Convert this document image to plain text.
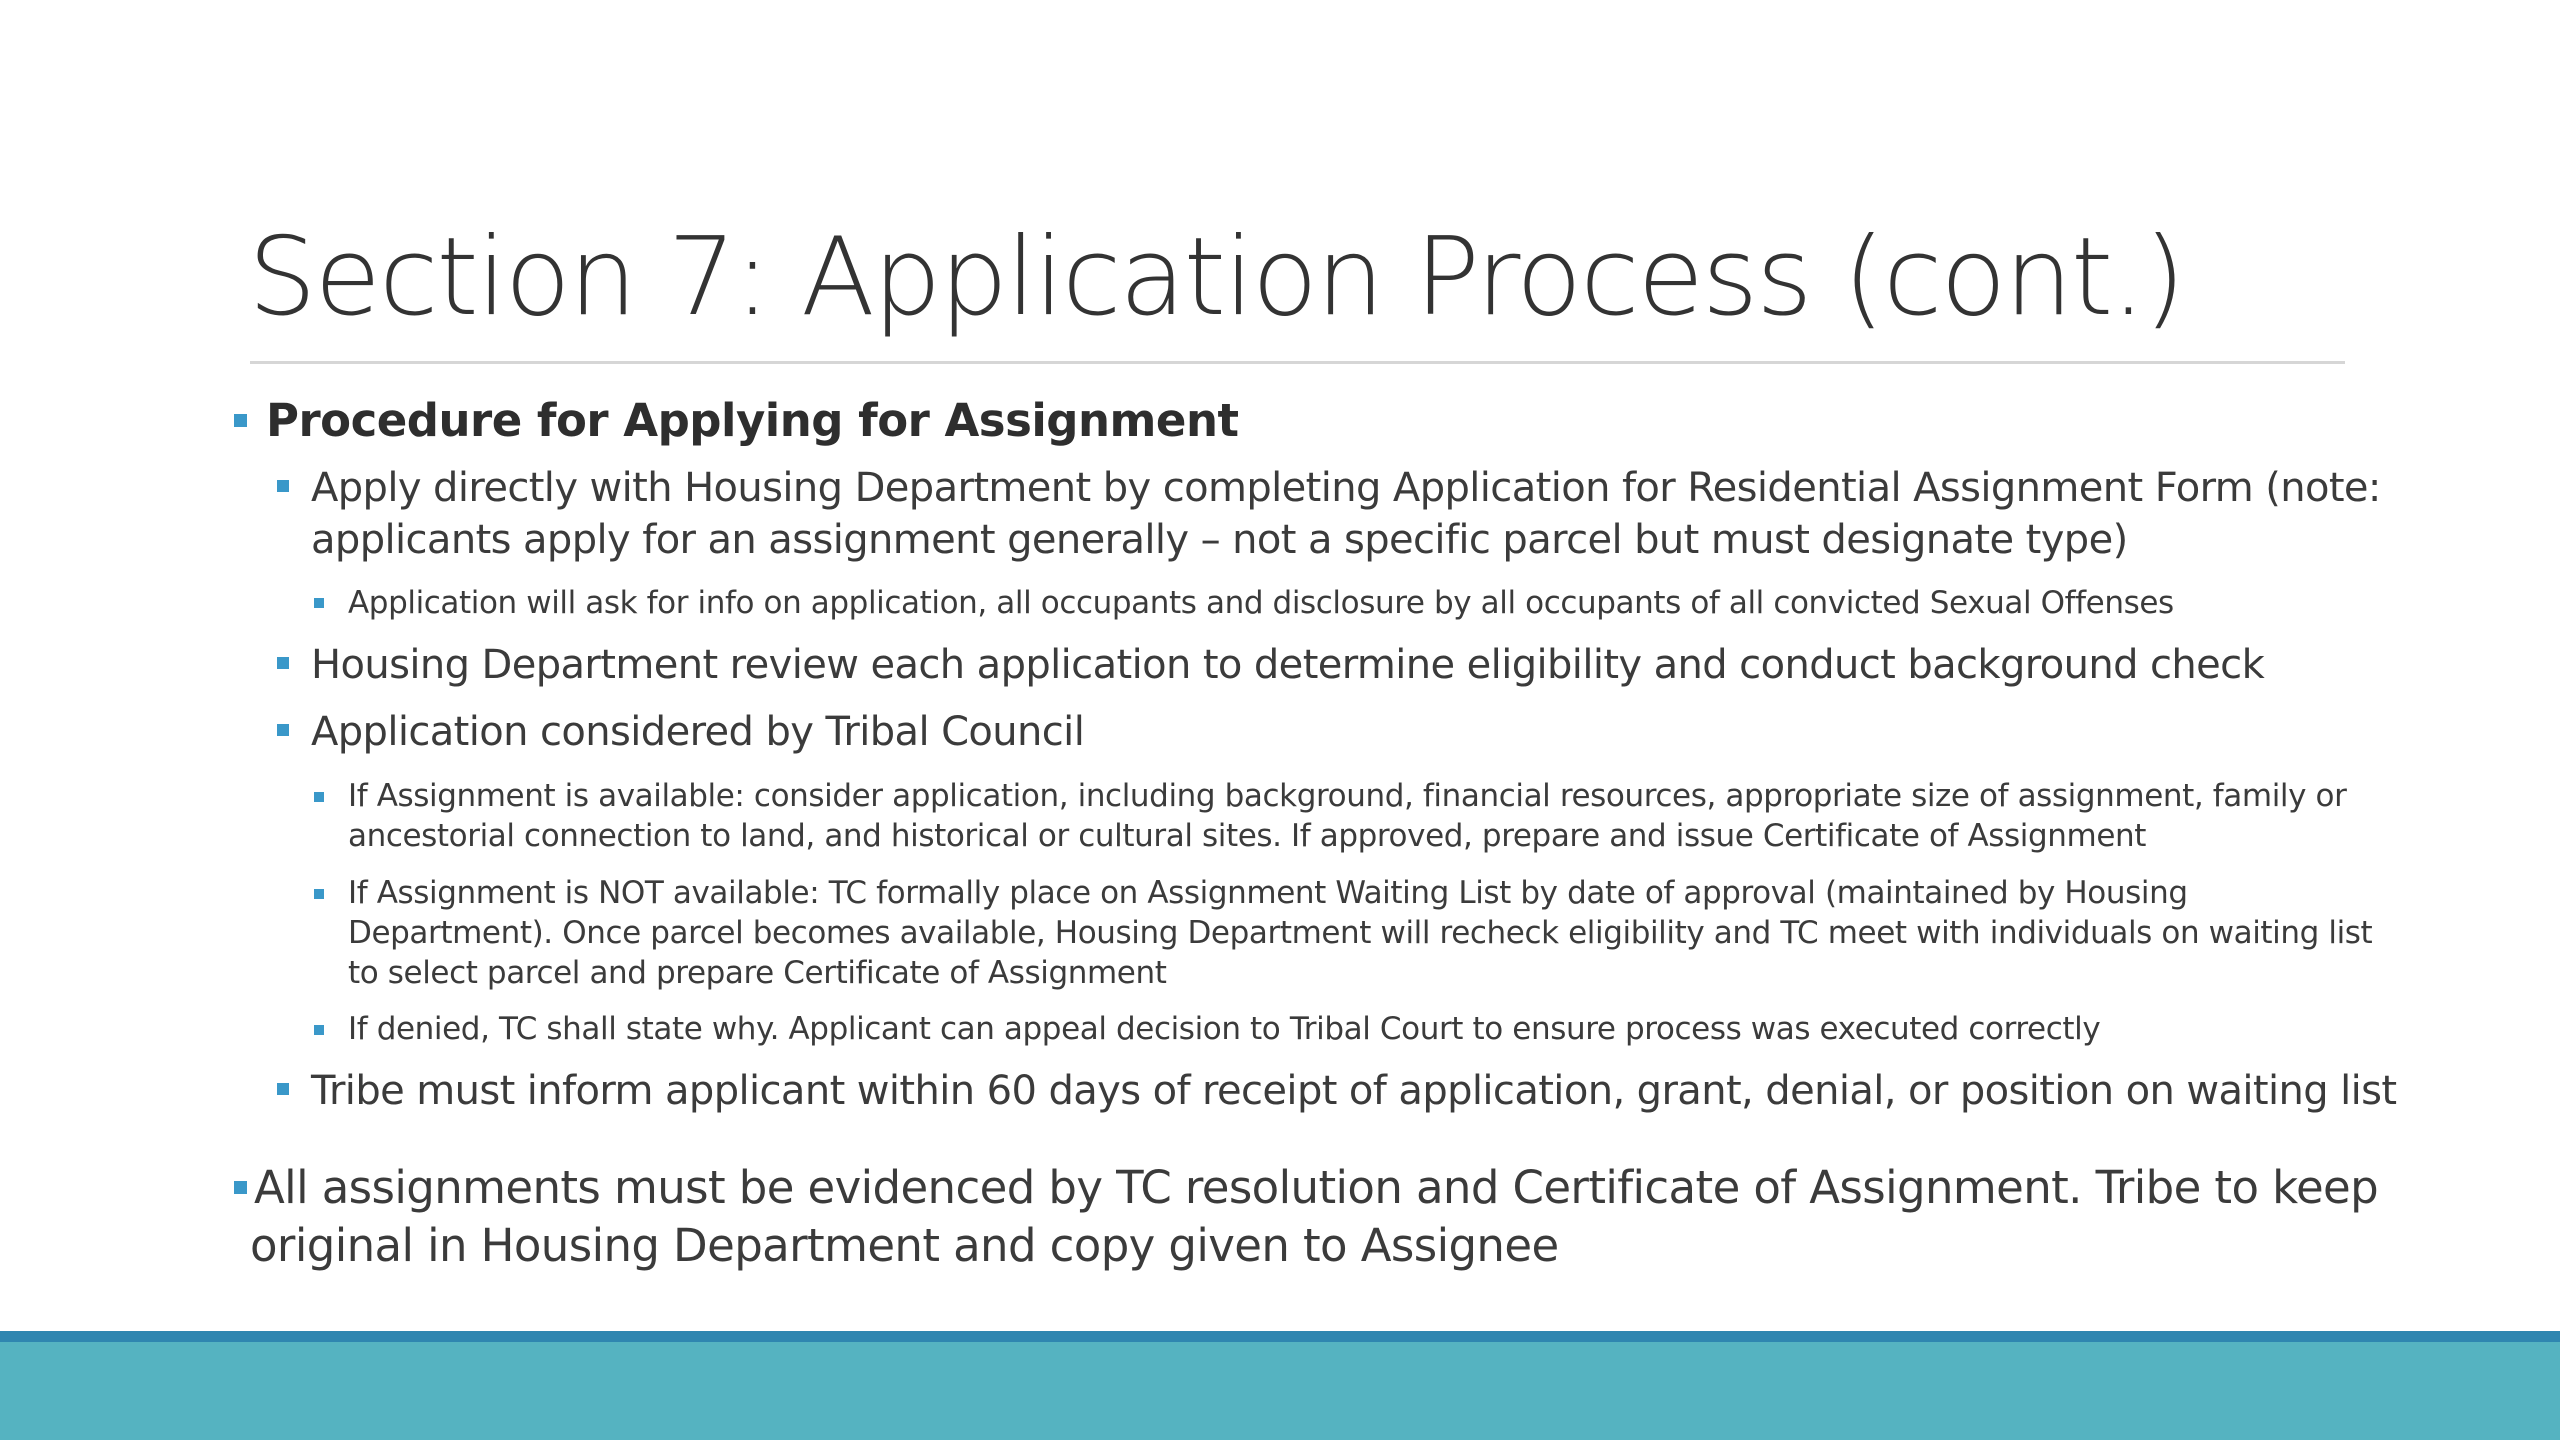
Section 7: Application Process (cont.)

Procedure for Applying for Assignment

Apply directly with Housing Department by completing Application for Residential Assignment Form (note: applicants apply for an assignment generally – not a specific parcel but must designate type)

Application will ask for info on application, all occupants and disclosure by all occupants of all convicted Sexual Offenses

Housing Department review each application to determine eligibility and conduct background check

Application considered by Tribal Council

If Assignment is available: consider application, including background, financial resources, appropriate size of assignment, family or ancestorial connection to land, and historical or cultural sites. If approved, prepare and issue Certificate of Assignment

If Assignment is NOT available: TC formally place on Assignment Waiting List by date of approval (maintained by Housing Department). Once parcel becomes available, Housing Department will recheck eligibility and TC meet with individuals on waiting list to select parcel and prepare Certificate of Assignment

If denied, TC shall state why. Applicant can appeal decision to Tribal Court to ensure process was executed correctly

Tribe must inform applicant within 60 days of receipt of application, grant, denial, or position on waiting list

All assignments must be evidenced by TC resolution and Certificate of Assignment. Tribe to keep original in Housing Department and copy given to Assignee
